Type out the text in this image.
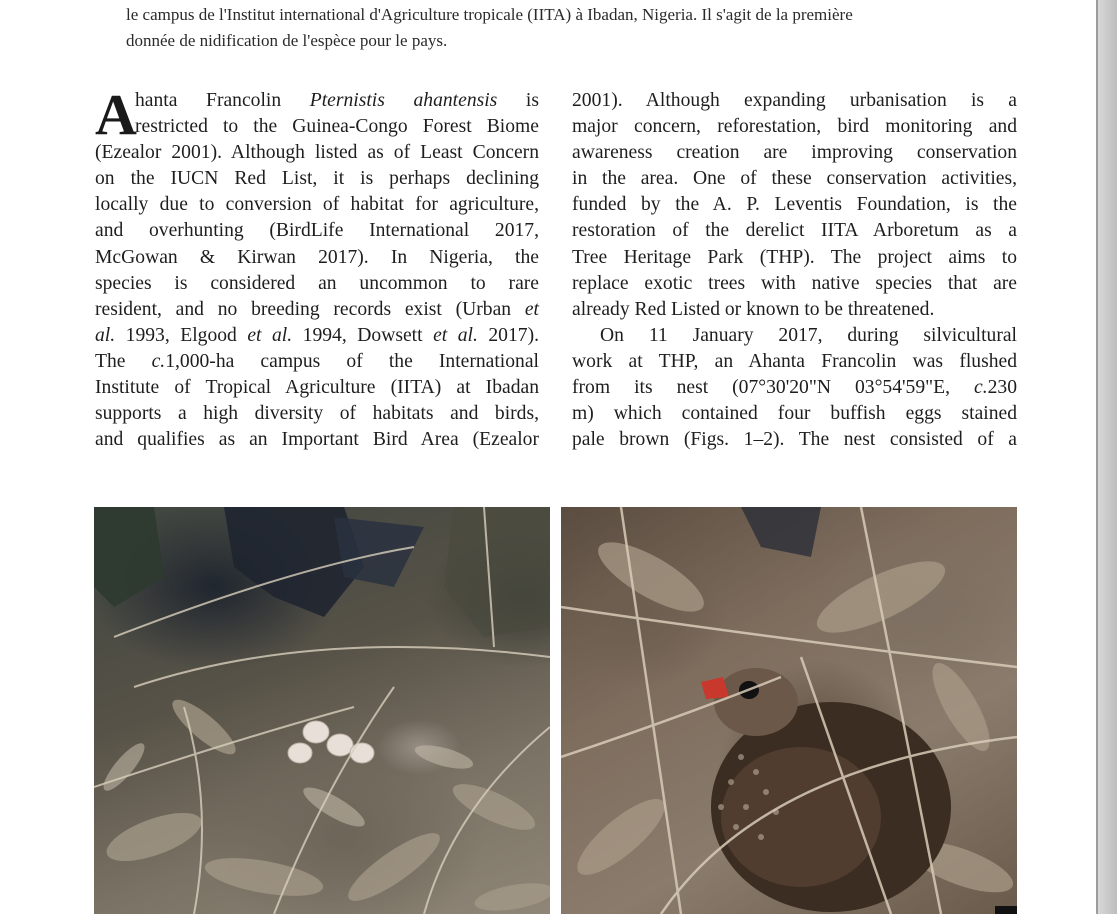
le campus de l'Institut international d'Agriculture tropicale (IITA) à Ibadan, Nigeria. Il s'agit de la première
donnée de nidification de l'espèce pour le pays.
A
hanta Francolin Pternistis ahantensis is
restricted to the Guinea-Congo Forest Biome
(Ezealor 2001). Although listed as of Least Concern
on the IUCN Red List, it is perhaps declining
locally due to conversion of habitat for agriculture,
and overhunting (BirdLife International 2017,
McGowan & Kirwan 2017). In Nigeria, the
species is considered an uncommon to rare
resident, and no breeding records exist (Urban et
al. 1993, Elgood et al. 1994, Dowsett et al. 2017).
The c.1,000-ha campus of the International
Institute of Tropical Agriculture (IITA) at Ibadan
supports a high diversity of habitats and birds,
and qualifies as an Important Bird Area (Ezealor
2001). Although expanding urbanisation is a
major concern, reforestation, bird monitoring and
awareness creation are improving conservation
in the area. One of these conservation activities,
funded by the A. P. Leventis Foundation, is the
restoration of the derelict IITA Arboretum as a
Tree Heritage Park (THP). The project aims to
replace exotic trees with native species that are
already Red Listed or known to be threatened.
On 11 January 2017, during silvicultural
work at THP, an Ahanta Francolin was flushed
from its nest (07°30'20"N 03°54'59"E, c.230
m) which contained four buffish eggs stained
pale brown (Figs. 1–2). The nest consisted of a
